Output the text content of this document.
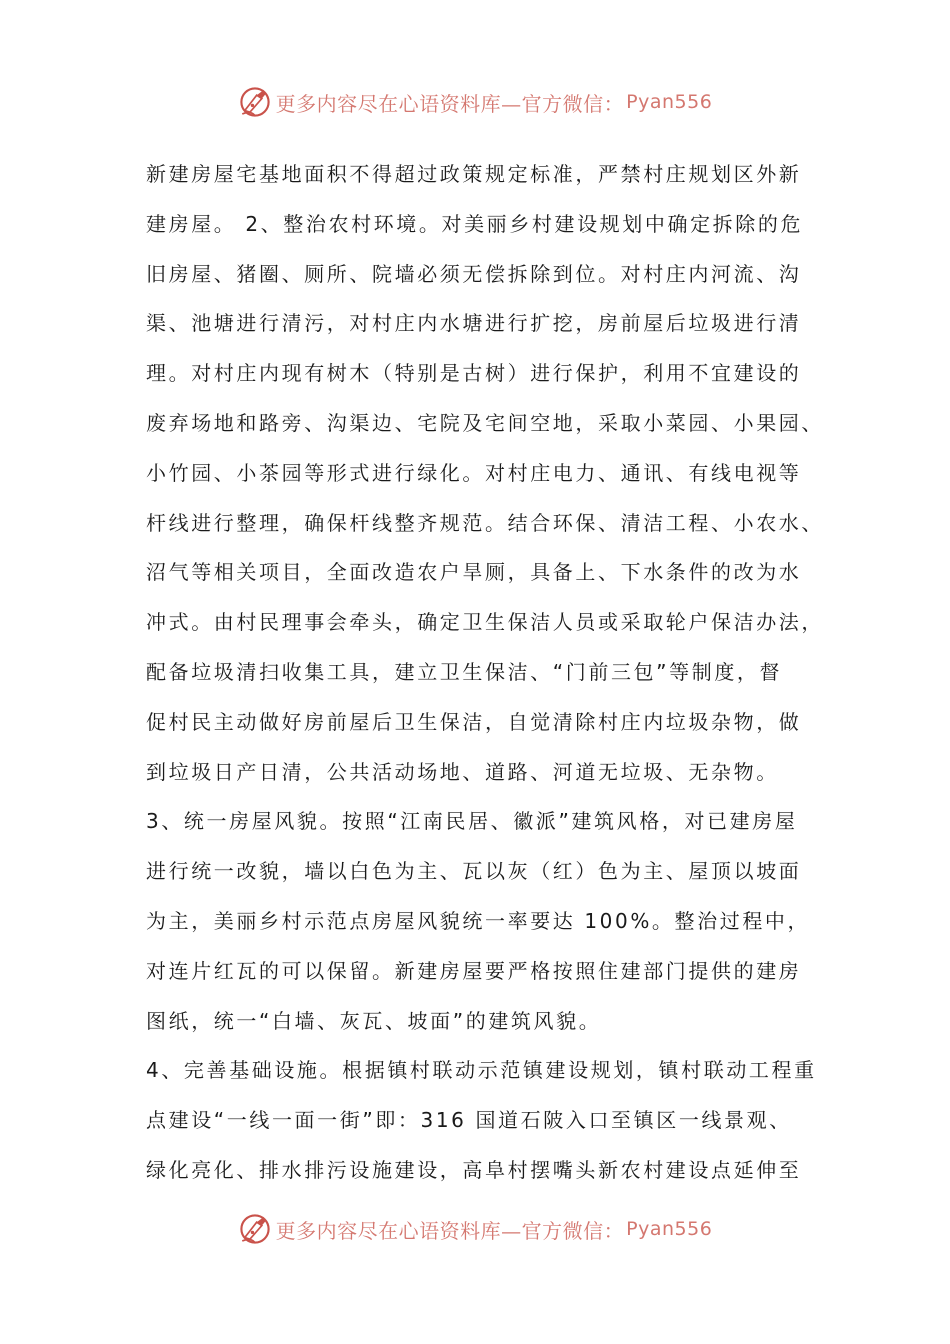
更多内容尽在心语资料库—官方微信： Pyan556
新建房屋宅基地面积不得超过政策规定标准，严禁村庄规划区外新
建房屋。 2、整治农村环境。对美丽乡村建设规划中确定拆除的危
旧房屋、猪圈、厕所、院墙必须无偿拆除到位。对村庄内河流、沟
渠、池塘进行清污，对村庄内水塘进行扩挖，房前屋后垃圾进行清
理。对村庄内现有树木（特别是古树）进行保护，利用不宜建设的
废弃场地和路旁、沟渠边、宅院及宅间空地，采取小菜园、小果园、
小竹园、小茶园等形式进行绿化。对村庄电力、通讯、有线电视等
杆线进行整理，确保杆线整齐规范。结合环保、清洁工程、小农水、
沼气等相关项目，全面改造农户旱厕，具备上、下水条件的改为水
冲式。由村民理事会牵头，确定卫生保洁人员或采取轮户保洁办法，
配备垃圾清扫收集工具，建立卫生保洁、“门前三包”等制度，督
促村民主动做好房前屋后卫生保洁，自觉清除村庄内垃圾杂物，做
到垃圾日产日清，公共活动场地、道路、河道无垃圾、无杂物。
3、统一房屋风貌。按照“江南民居、徽派”建筑风格，对已建房屋
进行统一改貌，墙以白色为主、瓦以灰（红）色为主、屋顶以坡面
为主，美丽乡村示范点房屋风貌统一率要达 100%。整治过程中，
对连片红瓦的可以保留。新建房屋要严格按照住建部门提供的建房
图纸，统一“白墙、灰瓦、坡面”的建筑风貌。
4、完善基础设施。根据镇村联动示范镇建设规划，镇村联动工程重
点建设“一线一面一街”即：316 国道石陂入口至镇区一线景观、
绿化亮化、排水排污设施建设，高阜村摆嘴头新农村建设点延伸至
更多内容尽在心语资料库—官方微信： Pyan556
